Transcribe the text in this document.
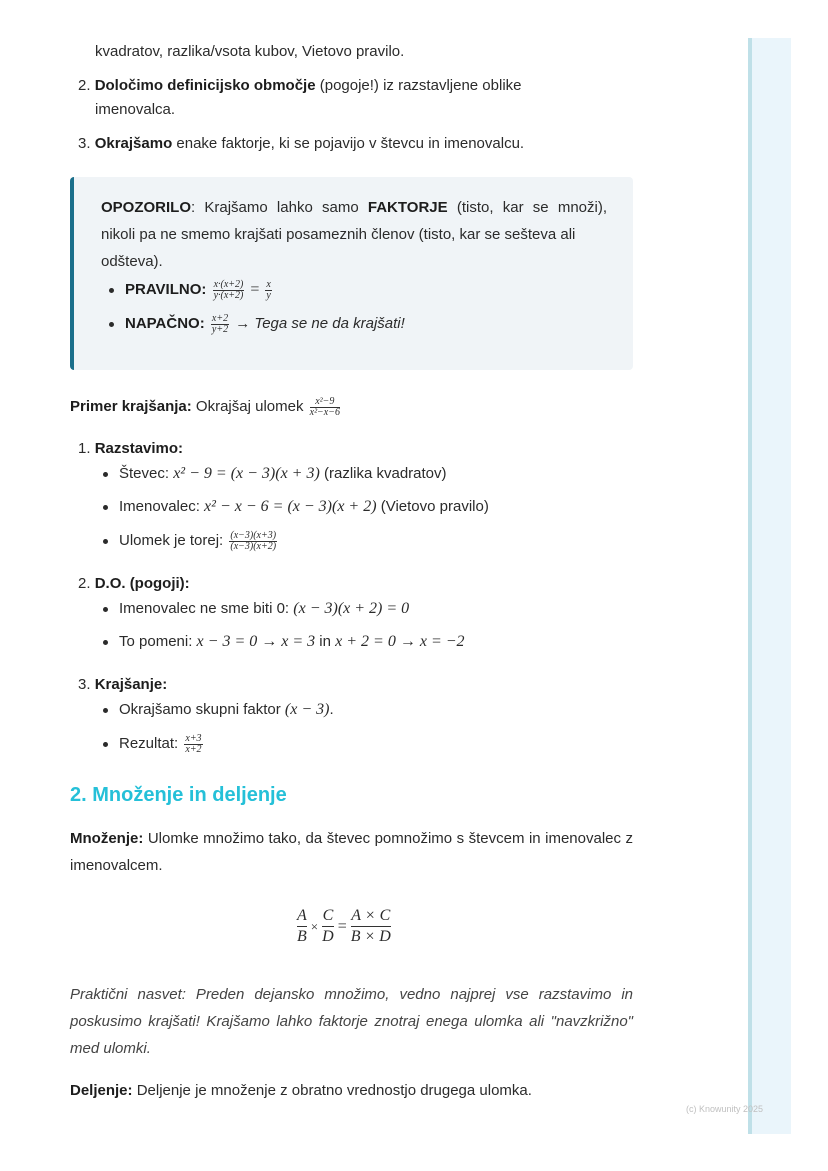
kvadratov, razlika/vsota kubov, Vietovo pravilo.
2. Določimo definicijsko območje (pogoje!) iz razstavljene oblike
imenovalca.
3. Okrajšamo enake faktorje, ki se pojavijo v števcu in imenovalcu.
OPOZORILO: Krajšamo lahko samo FAKTORJE (tisto, kar se množi),
nikoli pa ne smemo krajšati posameznih členov (tisto, kar se sešteva ali
odšteva).
PRAVILNO: $\frac{x\cdot(x+2)}{y\cdot(x+2)} = \frac{x}{y}$
NAPAČNO: $\frac{x+2}{y+2}$ → Tega se ne da krajšati!
Primer krajšanja: Okrajšaj ulomek $\frac{\text{x²−9}}{\text{x²−x−6}}$
1. Razstavimo:
Števec: x² − 9 = (x − 3)(x + 3) (razlika kvadratov)
Imenovalec: x² − x − 6 = (x − 3)(x + 2) (Vietovo pravilo)
Ulomek je torej: $\frac{(x-3)(x+3)}{(x-3)(x+2)}$
2. D.O. (pogoji):
Imenovalec ne sme biti 0: (x − 3)(x + 2) = 0
To pomeni: x − 3 = 0 → x = 3 in x + 2 = 0 → x = −2
3. Krajšanje:
Okrajšamo skupni faktor (x − 3).
Rezultat: $\frac{x+3}{x+2}$
2. Množenje in deljenje
Množenje: Ulomke množimo tako, da števec pomnožimo s števcem in imenovalec z imenovalcem.
$\frac{A}{B} \times \frac{C}{D} = \frac{A \times C}{B \times D}$
Praktični nasvet: Preden dejansko množimo, vedno najprej vse razstavimo in poskusimo krajšati! Krajšamo lahko faktorje znotraj enega ulomka ali "navzkrižno" med ulomki.
Deljenje: Deljenje je množenje z obratno vrednostjo drugega ulomka.
(c) Knowunity 2025
